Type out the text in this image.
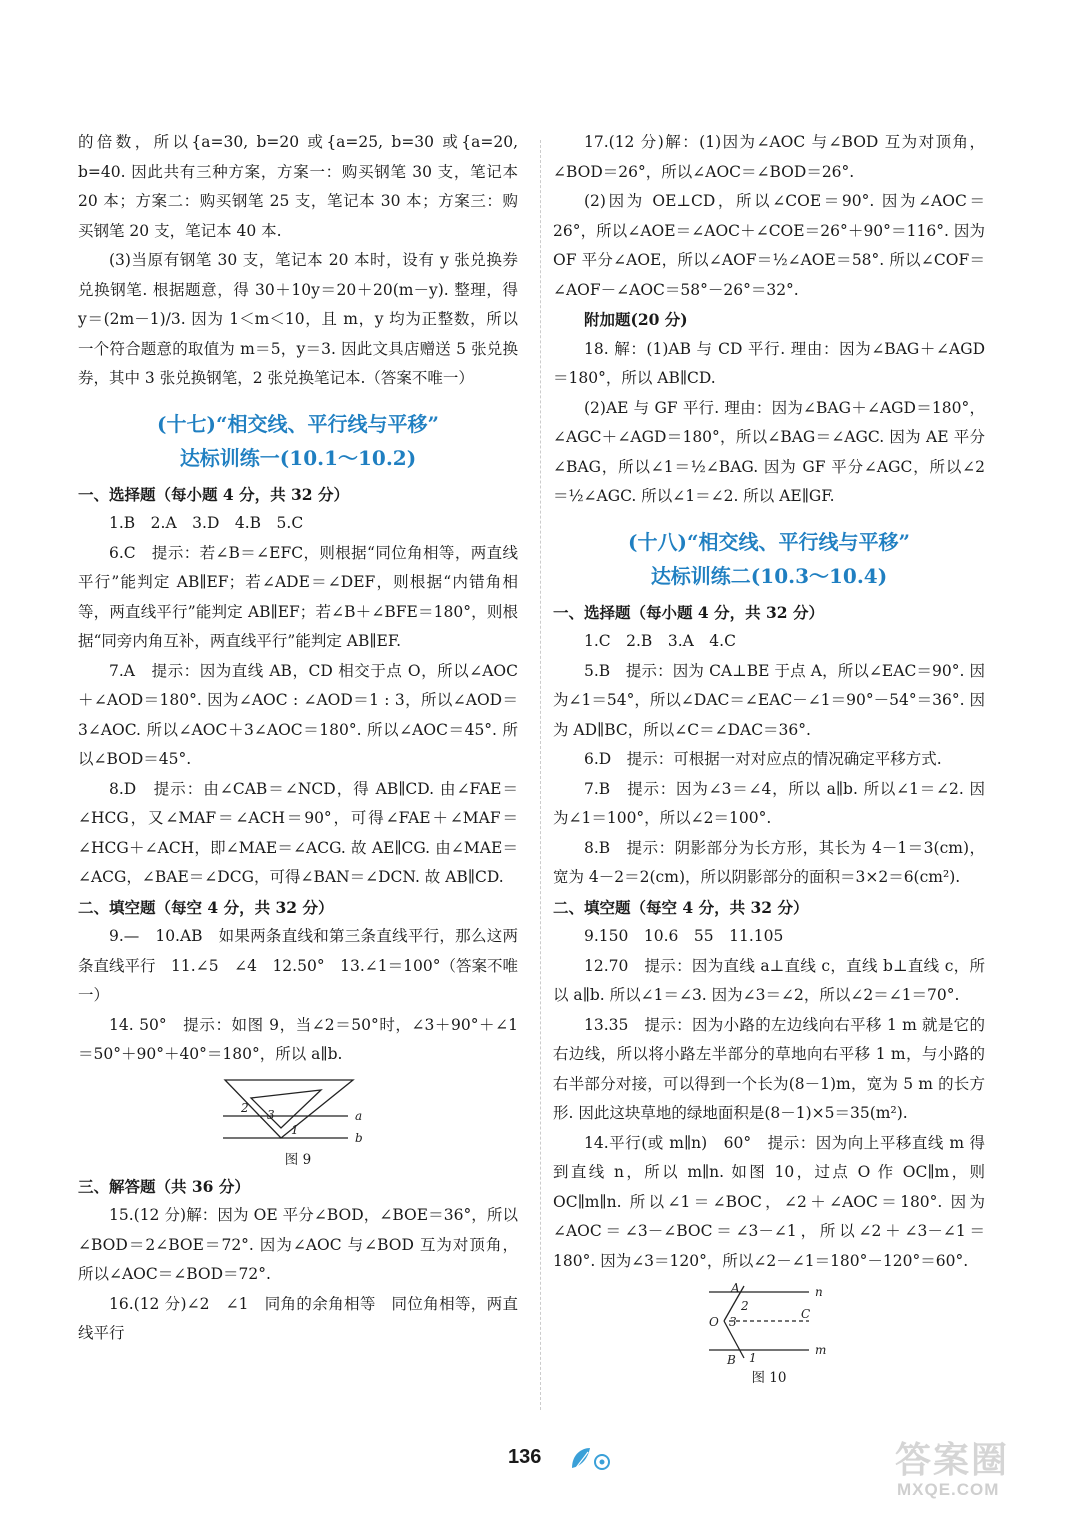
的倍数，所以{a=30, b=20 或{a=25, b=30 或{a=20, b=40. 因此共有三种方案，方案一：购买钢笔 30 支，笔记本 20 本；方案二：购买钢笔 25 支，笔记本 30 本；方案三：购买钢笔 20 支，笔记本 40 本.

(3)当原有钢笔 30 支，笔记本 20 本时，设有 y 张兑换券兑换钢笔. 根据题意，得 30＋10y＝20＋20(m－y). 整理，得 y＝(2m－1)/3. 因为 1＜m＜10，且 m，y 均为正整数，所以一个符合题意的取值为 m＝5，y＝3. 因此文具店赠送 5 张兑换券，其中 3 张兑换钢笔，2 张兑换笔记本.（答案不唯一）

(十七)“相交线、平行线与平移”
达标训练一(10.1～10.2)

一、选择题（每小题 4 分，共 32 分）

1.B　2.A　3.D　4.B　5.C

6.C　提示：若∠B＝∠EFC，则根据“同位角相等，两直线平行”能判定 AB∥EF；若∠ADE＝∠DEF，则根据“内错角相等，两直线平行”能判定 AB∥EF；若∠B＋∠BFE＝180°，则根据“同旁内角互补，两直线平行”能判定 AB∥EF.

7.A　提示：因为直线 AB，CD 相交于点 O，所以∠AOC＋∠AOD＝180°. 因为∠AOC : ∠AOD＝1 : 3，所以∠AOD＝3∠AOC. 所以∠AOC＋3∠AOC＝180°. 所以∠AOC＝45°. 所以∠BOD＝45°.

8.D　提示：由∠CAB＝∠NCD，得 AB∥CD. 由∠FAE＝∠HCG，又∠MAF＝∠ACH＝90°，可得∠FAE＋∠MAF＝∠HCG＋∠ACH，即∠MAE＝∠ACG. 故 AE∥CG. 由∠MAE＝∠ACG，∠BAE＝∠DCG，可得∠BAN＝∠DCN. 故 AB∥CD.

二、填空题（每空 4 分，共 32 分）

9.—　10.AB　如果两条直线和第三条直线平行，那么这两条直线平行　11.∠5　∠4　12.50°　13.∠1＝100°（答案不唯一）

14. 50°　提示：如图 9，当∠2＝50°时，∠3＋90°＋∠1＝50°＋90°＋40°＝180°，所以 a∥b.

2 3
1
a
b
图 9

三、解答题（共 36 分）

15.(12 分)解：因为 OE 平分∠BOD，∠BOE＝36°，所以∠BOD＝2∠BOE＝72°. 因为∠AOC 与∠BOD 互为对顶角，所以∠AOC＝∠BOD＝72°.

16.(12 分)∠2　∠1　同角的余角相等　同位角相等，两直线平行

17.(12 分)解：(1)因为∠AOC 与∠BOD 互为对顶角，∠BOD＝26°，所以∠AOC＝∠BOD＝26°.

(2)因为 OE⊥CD，所以∠COE＝90°. 因为∠AOC＝26°，所以∠AOE＝∠AOC＋∠COE＝26°＋90°＝116°. 因为 OF 平分∠AOE，所以∠AOF＝½∠AOE＝58°. 所以∠COF＝∠AOF－∠AOC＝58°－26°＝32°.

附加题(20 分)

18. 解：(1)AB 与 CD 平行. 理由：因为∠BAG＋∠AGD＝180°，所以 AB∥CD.

(2)AE 与 GF 平行. 理由：因为∠BAG＋∠AGD＝180°，∠AGC＋∠AGD＝180°，所以∠BAG＝∠AGC. 因为 AE 平分∠BAG，所以∠1＝½∠BAG. 因为 GF 平分∠AGC，所以∠2＝½∠AGC. 所以∠1＝∠2. 所以 AE∥GF.

(十八)“相交线、平行线与平移”
达标训练二(10.3～10.4)

一、选择题（每小题 4 分，共 32 分）

1.C　2.B　3.A　4.C

5.B　提示：因为 CA⊥BE 于点 A，所以∠EAC＝90°. 因为∠1＝54°，所以∠DAC＝∠EAC－∠1＝90°－54°＝36°. 因为 AD∥BC，所以∠C＝∠DAC＝36°.

6.D　提示：可根据一对对应点的情况确定平移方式.

7.B　提示：因为∠3＝∠4，所以 a∥b. 所以∠1＝∠2. 因为∠1＝100°，所以∠2＝100°.

8.B　提示：阴影部分为长方形，其长为 4－1＝3(cm)，宽为 4－2＝2(cm)，所以阴影部分的面积＝3×2＝6(cm²).

二、填空题（每空 4 分，共 32 分）

9.150　10.6　55　11.105

12.70　提示：因为直线 a⊥直线 c，直线 b⊥直线 c，所以 a∥b. 所以∠1＝∠3. 因为∠3＝∠2，所以∠2＝∠1＝70°.

13.35　提示：因为小路的左边线向右平移 1 m 就是它的右边线，所以将小路左半部分的草地向右平移 1 m，与小路的右半部分对接，可以得到一个长为(8－1)m，宽为 5 m 的长方形. 因此这块草地的绿地面积是(8－1)×5＝35(m²).

14.平行(或 m∥n)　60°　提示：因为向上平移直线 m 得到直线 n，所以 m∥n. 如图 10，过点 O 作 OC∥m，则 OC∥m∥n. 所以∠1＝∠BOC，∠2＋∠AOC＝180°. 因为∠AOC＝∠3－∠BOC＝∠3－∠1，所以∠2＋∠3－∠1＝180°. 因为∠3＝120°，所以∠2－∠1＝180°－120°＝60°.

A	n
2
O 3
C
B 1
m
图 10
136	答案圈
MXQE.COM
